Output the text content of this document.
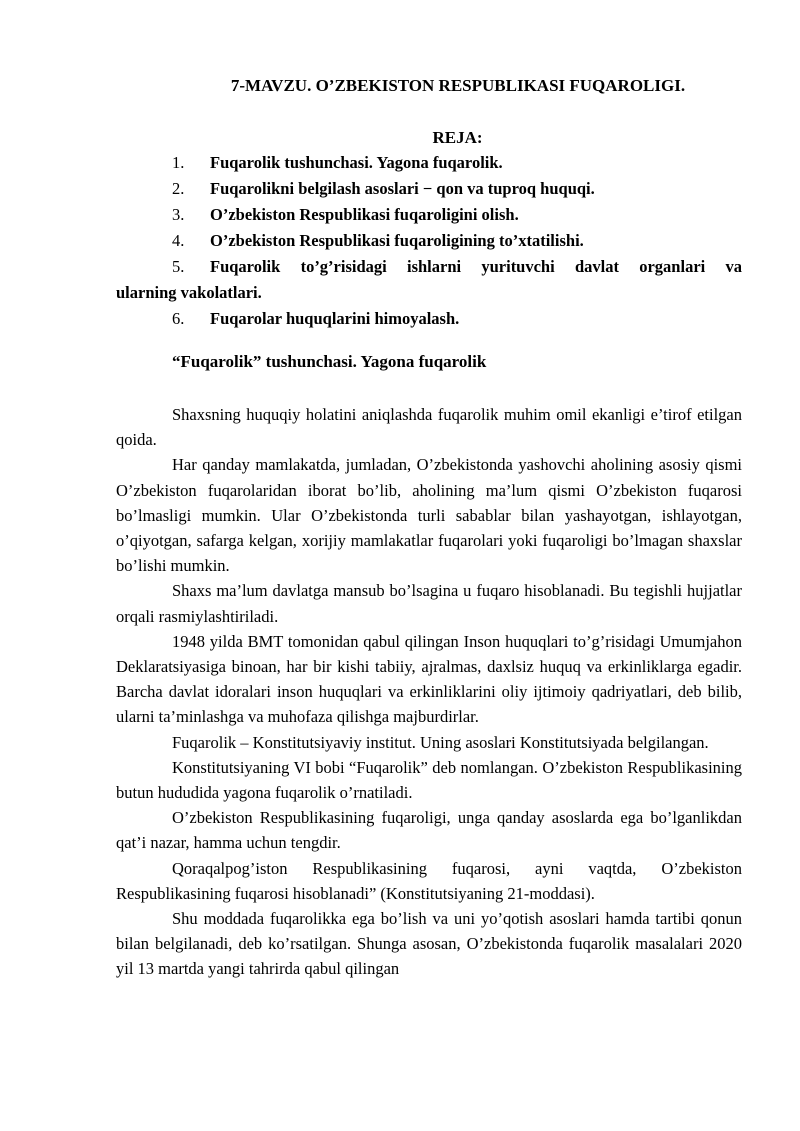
7-MAVZU. O’ZBEKISTON RESPUBLIKASI FUQAROLIGI.
REJA:
1.	Fuqarolik tushunchasi. Yagona fuqarolik.
2.	Fuqarolikni belgilash asoslari − qon va tuproq huquqi.
3.	O’zbekiston Respublikasi fuqaroligini olish.
4.	O’zbekiston Respublikasi fuqaroligining to’xtatilishi.
5.	Fuqarolik to’g’risidagi ishlarni yurituvchi davlat organlari va
ularning vakolatlari.
6.	Fuqarolar huquqlarini himoyalash.
“Fuqarolik” tushunchasi. Yagona fuqarolik

Shaxsning huquqiy holatini aniqlashda fuqarolik muhim omil ekanligi e’tirof etilgan qoida.

Har qanday mamlakatda, jumladan, O’zbekistonda yashovchi aholining asosiy qismi O’zbekiston fuqarolaridan iborat bo’lib, aholining ma’lum qismi O’zbekiston fuqarosi bo’lmasligi mumkin. Ular O’zbekistonda turli sabablar bilan yashayotgan, ishlayotgan, o’qiyotgan, safarga kelgan, xorijiy mamlakatlar fuqarolari yoki fuqaroligi bo’lmagan shaxslar bo’lishi mumkin.

Shaxs ma’lum davlatga mansub bo’lsagina u fuqaro hisoblanadi. Bu tegishli hujjatlar orqali rasmiylashtiriladi.

1948 yilda BMT tomonidan qabul qilingan Inson huquqlari to’g’risidagi Umumjahon Deklaratsiyasiga binoan, har bir kishi tabiiy, ajralmas, daxlsiz huquq va erkinliklarga egadir. Barcha davlat idoralari inson huquqlari va erkinliklarini oliy ijtimoiy qadriyatlari, deb bilib, ularni ta’minlashga va muhofaza qilishga majburdirlar.

Fuqarolik – Konstitutsiyaviy institut. Uning asoslari Konstitutsiyada belgilangan.

Konstitutsiyaning VI bobi “Fuqarolik” deb nomlangan. O’zbekiston Respublikasining butun hududida yagona fuqarolik o’rnatiladi.

O’zbekiston Respublikasining fuqaroligi, unga qanday asoslarda ega bo’lganlikdan qat’i nazar, hamma uchun tengdir.

Qoraqalpog’iston Respublikasining fuqarosi, ayni vaqtda, O’zbekiston Respublikasining fuqarosi hisoblanadi” (Konstitutsiyaning 21-moddasi).

Shu moddada fuqarolikka ega bo’lish va uni yo’qotish asoslari hamda tartibi qonun bilan belgilanadi, deb ko’rsatilgan. Shunga asosan, O’zbekistonda fuqarolik masalalari 2020 yil 13 martda yangi tahrirda qabul qilingan
